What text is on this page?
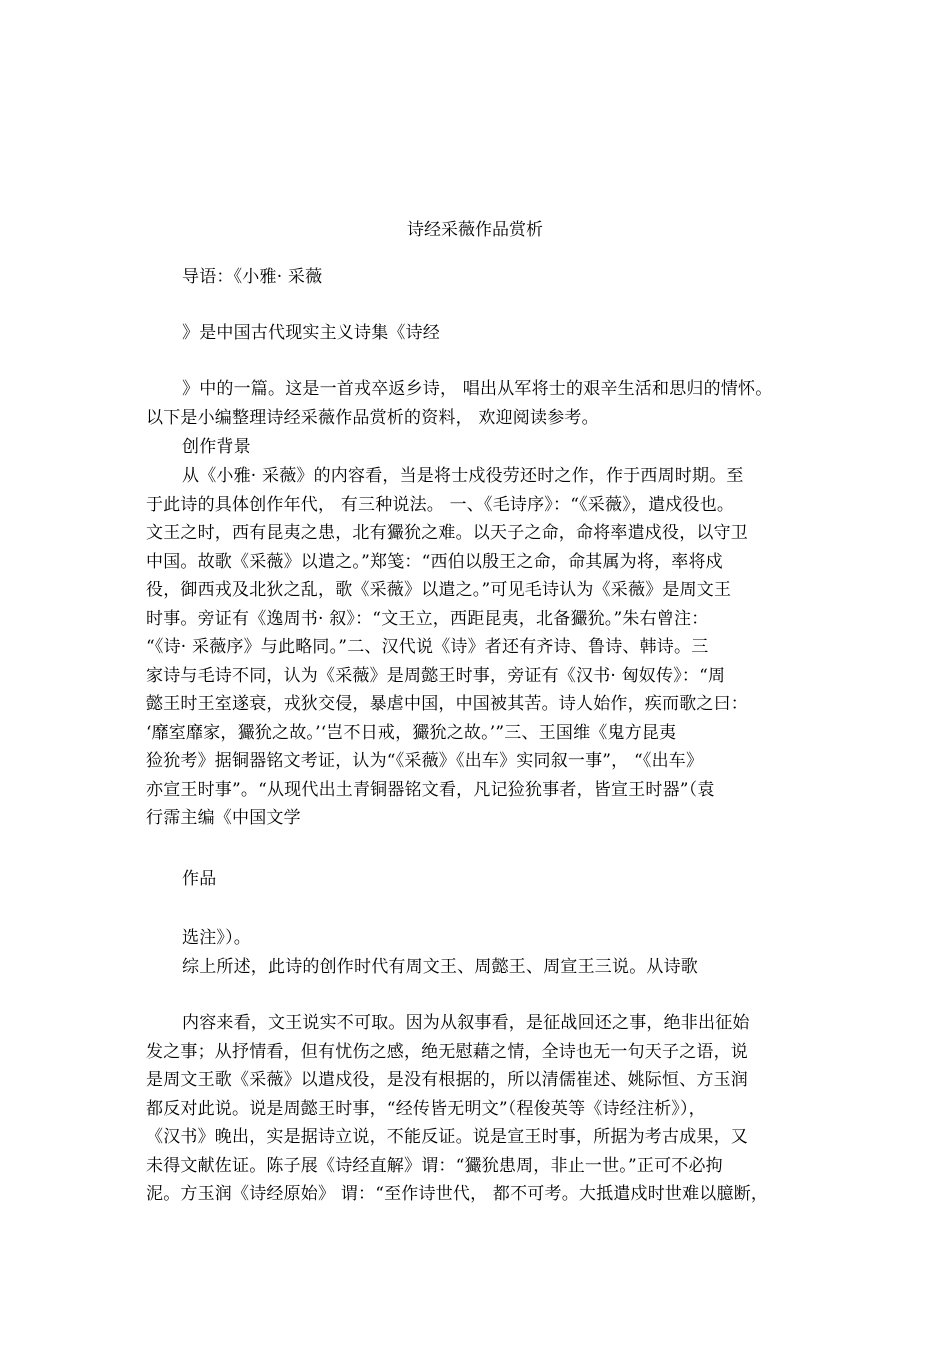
诗经采薇作品赏析
导语：《小雅· 采薇
》是中国古代现实主义诗集《诗经
》中的一篇。这是一首戎卒返乡诗， 唱出从军将士的艰辛生活和思归的情怀。
以下是小编整理诗经采薇作品赏析的资料， 欢迎阅读参考。
创作背景
从《小雅· 采薇》的内容看，当是将士戍役劳还时之作，作于西周时期。至
于此诗的具体创作年代， 有三种说法。 一、《毛诗序》：“《采薇》，遣戍役也。
文王之时，西有昆夷之患，北有玁狁之难。以天子之命，命将率遣戍役，以守卫
中国。故歌《采薇》以遣之。”郑笺：“西伯以殷王之命，命其属为将，率将戍
役，御西戎及北狄之乱，歌《采薇》以遣之。”可见毛诗认为《采薇》是周文王
时事。旁证有《逸周书· 叙》：“文王立，西距昆夷，北备玁狁。”朱右曾注：
“《诗· 采薇序》与此略同。”二、汉代说《诗》者还有齐诗、鲁诗、韩诗。三
家诗与毛诗不同，认为《采薇》是周懿王时事，旁证有《汉书· 匈奴传》：“周
懿王时王室遂衰，戎狄交侵，暴虐中国，中国被其苦。诗人始作，疾而歌之曰：
‘靡室靡家，玁狁之故。’‘岂不日戒，玁狁之故。’”三、王国维《鬼方昆夷
猃狁考》据铜器铭文考证，认为“《采薇》《出车》实同叙一事”， “《出车》
亦宣王时事”。“从现代出土青铜器铭文看，凡记猃狁事者，皆宣王时器”（袁
行霈主编《中国文学
作品
选注》）。
综上所述，此诗的创作时代有周文王、周懿王、周宣王三说。从诗歌
内容来看，文王说实不可取。因为从叙事看，是征战回还之事，绝非出征始
发之事；从抒情看，但有忧伤之感，绝无慰藉之情，全诗也无一句天子之语，说
是周文王歌《采薇》以遣戍役，是没有根据的，所以清儒崔述、姚际恒、方玉润
都反对此说。说是周懿王时事，“经传皆无明文”（程俊英等《诗经注析》），
《汉书》晚出，实是据诗立说，不能反证。说是宣王时事，所据为考古成果，又
未得文献佐证。陈子展《诗经直解》谓：“玁狁患周，非止一世。”正可不必拘
泥。方玉润《诗经原始》 谓：“至作诗世代， 都不可考。大抵遣戍时世难以臆断，
